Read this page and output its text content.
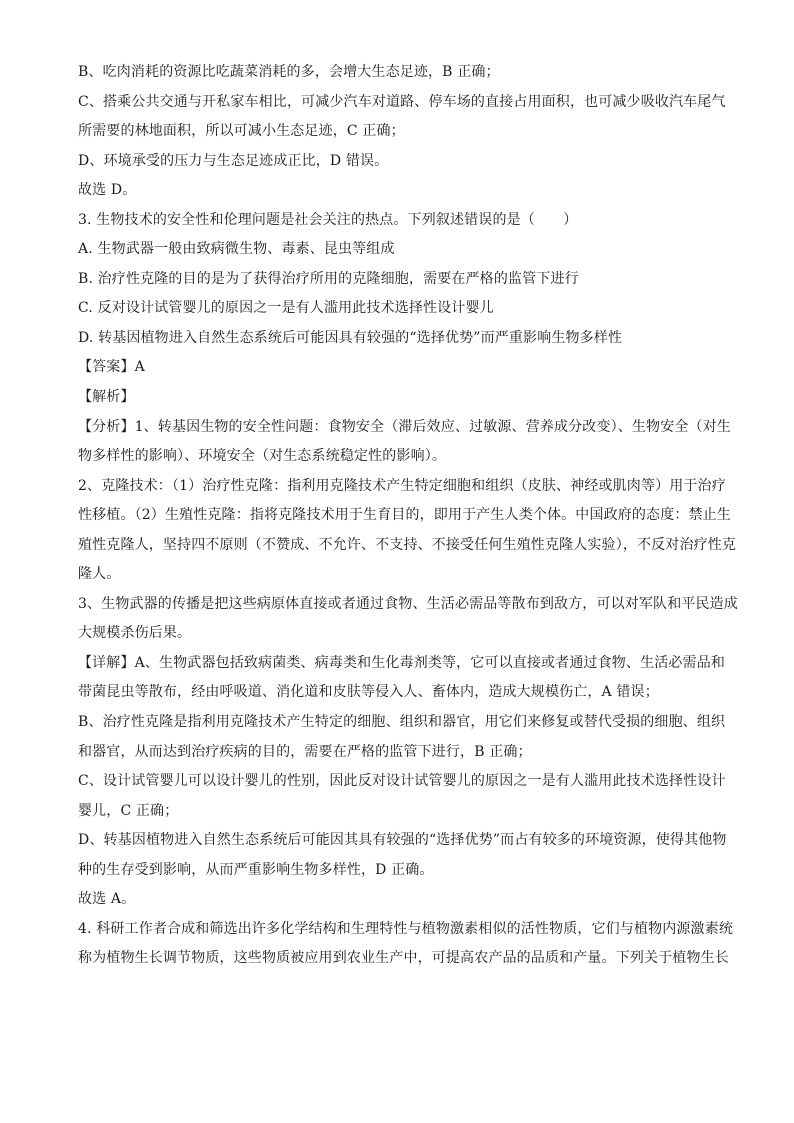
B、吃肉消耗的资源比吃蔬菜消耗的多，会增大生态足迹，B 正确；
C、搭乘公共交通与开私家车相比，可减少汽车对道路、停车场的直接占用面积，也可减少吸收汽车尾气
所需要的林地面积，所以可减小生态足迹，C 正确；
D、环境承受的压力与生态足迹成正比，D 错误。
故选 D。
3. 生物技术的安全性和伦理问题是社会关注的热点。下列叙述错误的是（　　）
A. 生物武器一般由致病微生物、毒素、昆虫等组成
B. 治疗性克隆的目的是为了获得治疗所用的克隆细胞，需要在严格的监管下进行
C. 反对设计试管婴儿的原因之一是有人滥用此技术选择性设计婴儿
D. 转基因植物进入自然生态系统后可能因具有较强的“选择优势”而严重影响生物多样性
【答案】A
【解析】
【分析】1、转基因生物的安全性问题：食物安全（滞后效应、过敏源、营养成分改变）、生物安全（对生
物多样性的影响）、环境安全（对生态系统稳定性的影响）。
2、克隆技术：（1）治疗性克隆：指利用克隆技术产生特定细胞和组织（皮肤、神经或肌肉等）用于治疗
性移植。（2）生殖性克隆：指将克隆技术用于生育目的，即用于产生人类个体。中国政府的态度：禁止生
殖性克隆人，坚持四不原则（不赞成、不允许、不支持、不接受任何生殖性克隆人实验），不反对治疗性克
隆人。
3、生物武器的传播是把这些病原体直接或者通过食物、生活必需品等散布到敌方，可以对军队和平民造成
大规模杀伤后果。
【详解】A、生物武器包括致病菌类、病毒类和生化毒剂类等，它可以直接或者通过食物、生活必需品和
带菌昆虫等散布，经由呼吸道、消化道和皮肤等侵入人、畜体内，造成大规模伤亡，A 错误；
B、治疗性克隆是指利用克隆技术产生特定的细胞、组织和器官，用它们来修复或替代受损的细胞、组织
和器官，从而达到治疗疾病的目的，需要在严格的监管下进行，B 正确；
C、设计试管婴儿可以设计婴儿的性别，因此反对设计试管婴儿的原因之一是有人滥用此技术选择性设计
婴儿，C 正确；
D、转基因植物进入自然生态系统后可能因其具有较强的“选择优势”而占有较多的环境资源，使得其他物
种的生存受到影响，从而严重影响生物多样性，D 正确。
故选 A。
4. 科研工作者合成和筛选出许多化学结构和生理特性与植物激素相似的活性物质，它们与植物内源激素统
称为植物生长调节物质，这些物质被应用到农业生产中，可提高农产品的品质和产量。下列关于植物生长
